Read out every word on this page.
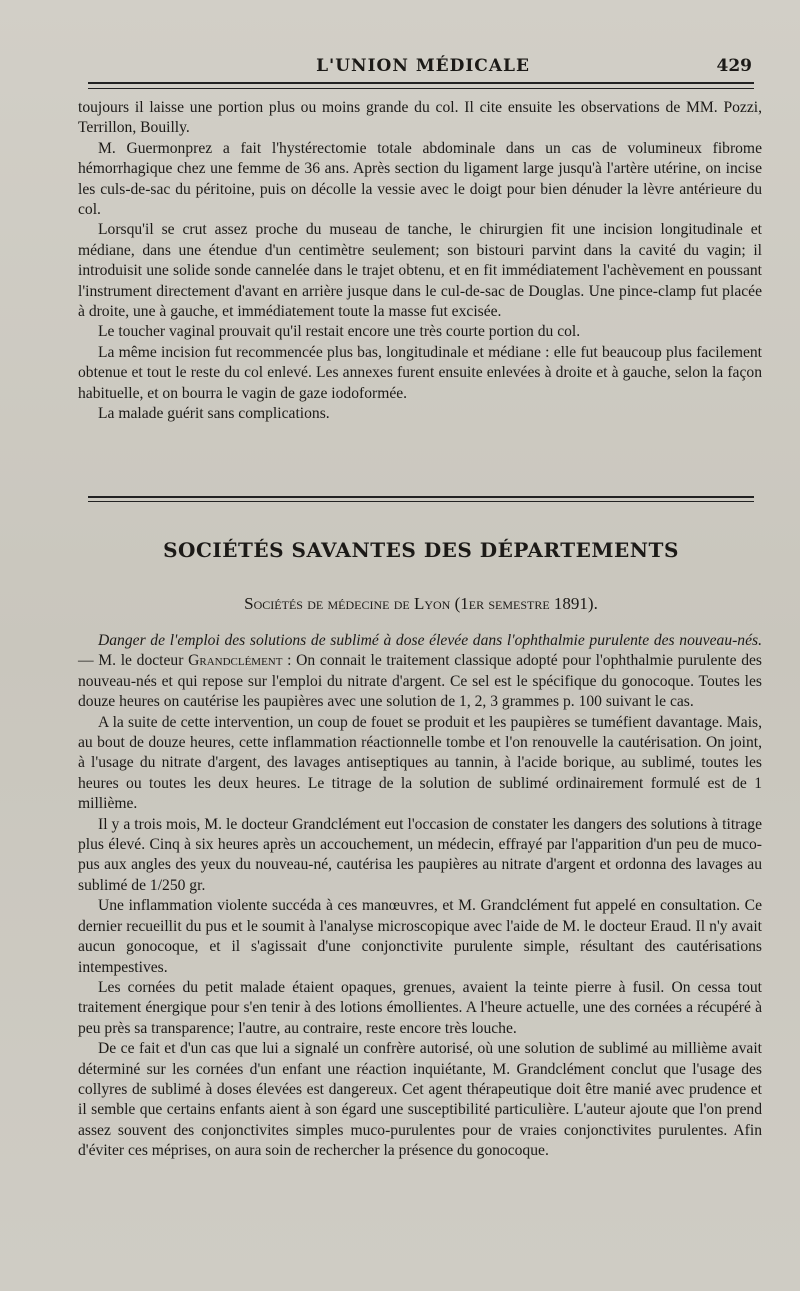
L'UNION MÉDICALE	429

toujours il laisse une portion plus ou moins grande du col. Il cite ensuite les observations de MM. Pozzi, Terrillon, Bouilly.

M. Guermonprez a fait l'hystérectomie totale abdominale dans un cas de volumineux fibrome hémorrhagique chez une femme de 36 ans. Après section du ligament large jusqu'à l'artère utérine, on incise les culs-de-sac du péritoine, puis on décolle la vessie avec le doigt pour bien dénuder la lèvre antérieure du col.

Lorsqu'il se crut assez proche du museau de tanche, le chirurgien fit une incision longitudinale et médiane, dans une étendue d'un centimètre seulement; son bistouri parvint dans la cavité du vagin; il introduisit une solide sonde cannelée dans le trajet obtenu, et en fit immédiatement l'achèvement en poussant l'instrument directement d'avant en arrière jusque dans le cul-de-sac de Douglas. Une pince-clamp fut placée à droite, une à gauche, et immédiatement toute la masse fut excisée.

Le toucher vaginal prouvait qu'il restait encore une très courte portion du col.

La même incision fut recommencée plus bas, longitudinale et médiane : elle fut beaucoup plus facilement obtenue et tout le reste du col enlevé. Les annexes furent ensuite enlevées à droite et à gauche, selon la façon habituelle, et on bourra le vagin de gaze iodoformée.

La malade guérit sans complications.

SOCIÉTÉS SAVANTES DES DÉPARTEMENTS
Sociétés de médecine de Lyon (1er semestre 1891).

Danger de l'emploi des solutions de sublimé à dose élevée dans l'ophthalmie purulente des nouveau-nés. — M. le docteur Grandclément : On connait le traitement classique adopté pour l'ophthalmie purulente des nouveau-nés et qui repose sur l'emploi du nitrate d'argent. Ce sel est le spécifique du gonocoque. Toutes les douze heures on cautérise les paupières avec une solution de 1, 2, 3 grammes p. 100 suivant le cas.

A la suite de cette intervention, un coup de fouet se produit et les paupières se tuméfient davantage. Mais, au bout de douze heures, cette inflammation réactionnelle tombe et l'on renouvelle la cautérisation. On joint, à l'usage du nitrate d'argent, des lavages antiseptiques au tannin, à l'acide borique, au sublimé, toutes les heures ou toutes les deux heures. Le titrage de la solution de sublimé ordinairement formulé est de 1 millième.

Il y a trois mois, M. le docteur Grandclément eut l'occasion de constater les dangers des solutions à titrage plus élevé. Cinq à six heures après un accouchement, un médecin, effrayé par l'apparition d'un peu de muco-pus aux angles des yeux du nouveau-né, cautérisa les paupières au nitrate d'argent et ordonna des lavages au sublimé de 1/250 gr.

Une inflammation violente succéda à ces manœuvres, et M. Grandclément fut appelé en consultation. Ce dernier recueillit du pus et le soumit à l'analyse microscopique avec l'aide de M. le docteur Eraud. Il n'y avait aucun gonocoque, et il s'agissait d'une conjonctivite purulente simple, résultant des cautérisations intempestives.

Les cornées du petit malade étaient opaques, grenues, avaient la teinte pierre à fusil. On cessa tout traitement énergique pour s'en tenir à des lotions émollientes. A l'heure actuelle, une des cornées a récupéré à peu près sa transparence; l'autre, au contraire, reste encore très louche.

De ce fait et d'un cas que lui a signalé un confrère autorisé, où une solution de sublimé au millième avait déterminé sur les cornées d'un enfant une réaction inquiétante, M. Grandclément conclut que l'usage des collyres de sublimé à doses élevées est dangereux. Cet agent thérapeutique doit être manié avec prudence et il semble que certains enfants aient à son égard une susceptibilité particulière. L'auteur ajoute que l'on prend assez souvent des conjonctivites simples muco-purulentes pour de vraies conjonctivites purulentes. Afin d'éviter ces méprises, on aura soin de rechercher la présence du gonocoque.
